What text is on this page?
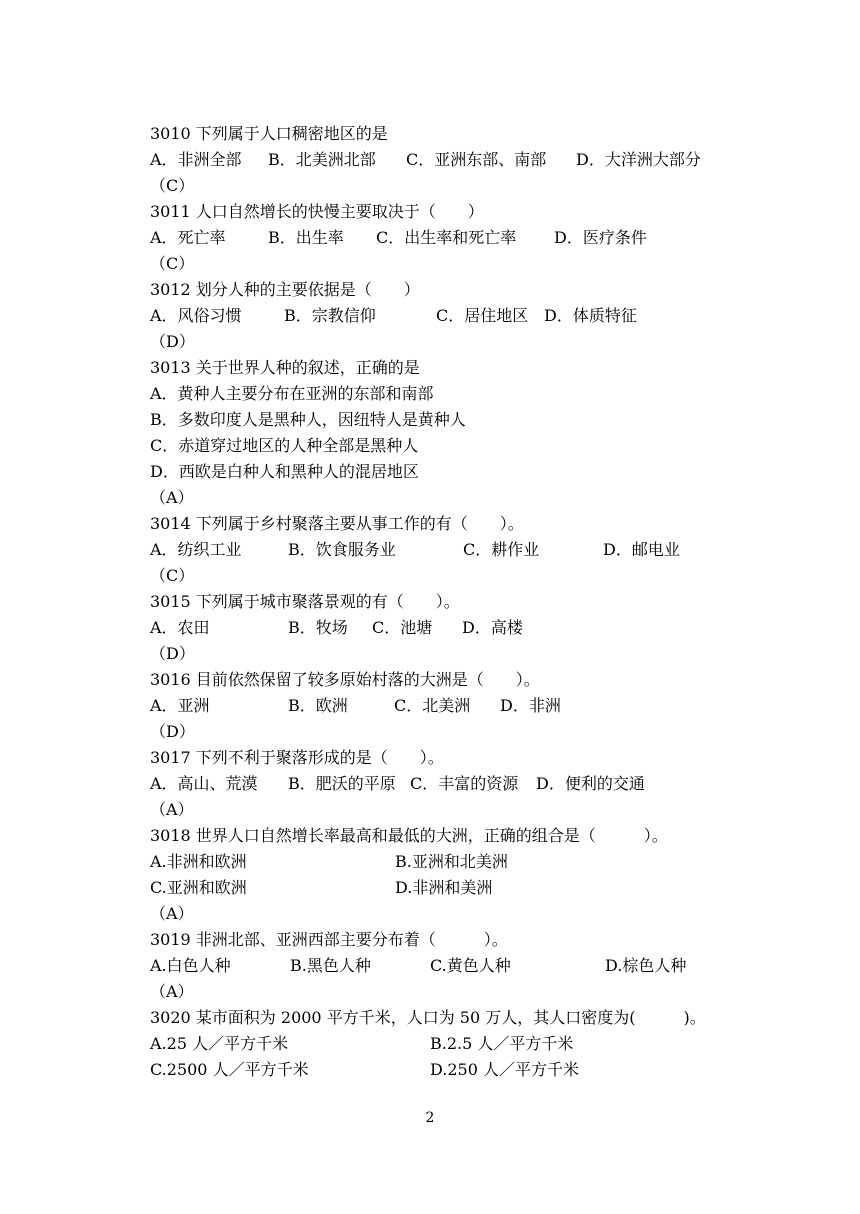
3010 下列属于人口稠密地区的是
A．非洲全部 B．北美洲北部 C．亚洲东部、南部 D．大洋洲大部分
（C）
3011 人口自然增长的快慢主要取决于（　　）
A．死亡率	B．出生率 C．出生率和死亡率 D．医疗条件
（C）
3012 划分人种的主要依据是（　　）
A．风俗习惯	B．宗教信仰	C．居住地区 D．体质特征
（D）
3013 关于世界人种的叙述，正确的是
A．黄种人主要分布在亚洲的东部和南部
B．多数印度人是黑种人，因纽特人是黄种人
C．赤道穿过地区的人种全部是黑种人
D．西欧是白种人和黑种人的混居地区
（A）
3014 下列属于乡村聚落主要从事工作的有（　　）。
A．纺织工业	B．饮食服务业	C．耕作业	D．邮电业
（C）
3015 下列属于城市聚落景观的有（　　）。
A．农田	B．牧场 C．池塘 D．高楼
（D）
3016 目前依然保留了较多原始村落的大洲是（　　）。
A．亚洲	B．欧洲	C．北美洲 D．非洲
（D）
3017 下列不利于聚落形成的是（　　）。
A．高山、荒漠 B．肥沃的平原 C．丰富的资源 D．便利的交通
（A）
3018 世界人口自然增长率最高和最低的大洲，正确的组合是（　　　）。
A.非洲和欧洲	B.亚洲和北美洲
C.亚洲和欧洲	D.非洲和美洲
（A）
3019 非洲北部、亚洲西部主要分布着（　　　）。
A.白色人种	B.黑色人种	C.黄色人种	D.棕色人种
（A）
3020 某市面积为 2000 平方千米，人口为 50 万人，其人口密度为(　　　)。
A.25 人／平方千米	B.2.5 人／平方千米
C.2500 人／平方千米	D.250 人／平方千米
2
